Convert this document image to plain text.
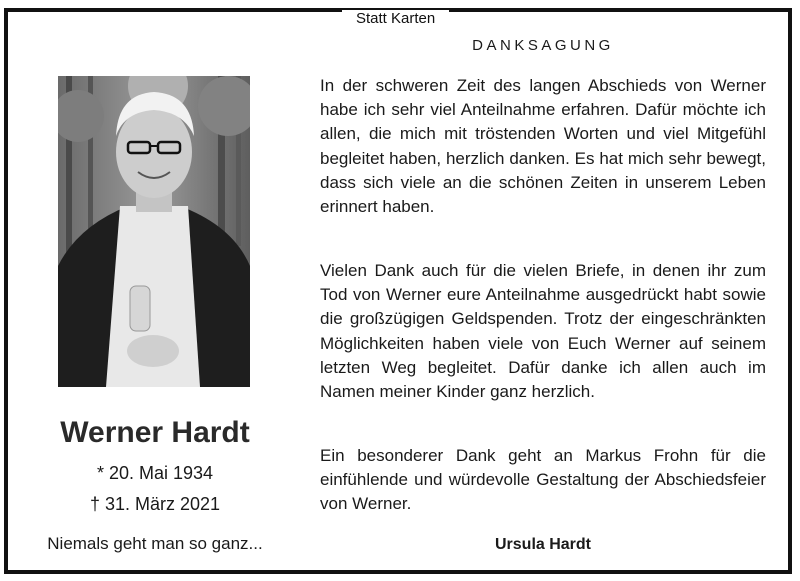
Statt Karten
Werner Hardt
* 20. Mai 1934
† 31. März 2021
Niemals geht man so ganz...
DANKSAGUNG
In der schweren Zeit des langen Abschieds von Werner habe ich sehr viel Anteilnahme erfahren. Dafür möchte ich allen, die mich mit tröstenden Worten und viel Mitgefühl begleitet haben, herzlich danken. Es hat mich sehr bewegt, dass sich viele an die schönen Zeiten in unserem Leben erinnert haben.
Vielen Dank auch für die vielen Briefe, in denen ihr zum Tod von Werner eure Anteilnahme ausgedrückt habt sowie die großzügigen Geldspenden. Trotz der eingeschränkten Möglichkeiten haben viele von Euch Werner auf seinem letzten Weg begleitet. Dafür danke ich allen auch im Namen meiner Kinder ganz herzlich.
Ein besonderer Dank geht an Markus Frohn für die einfühlende und würdevolle Gestaltung der Abschiedsfeier von Werner.
Ursula Hardt
